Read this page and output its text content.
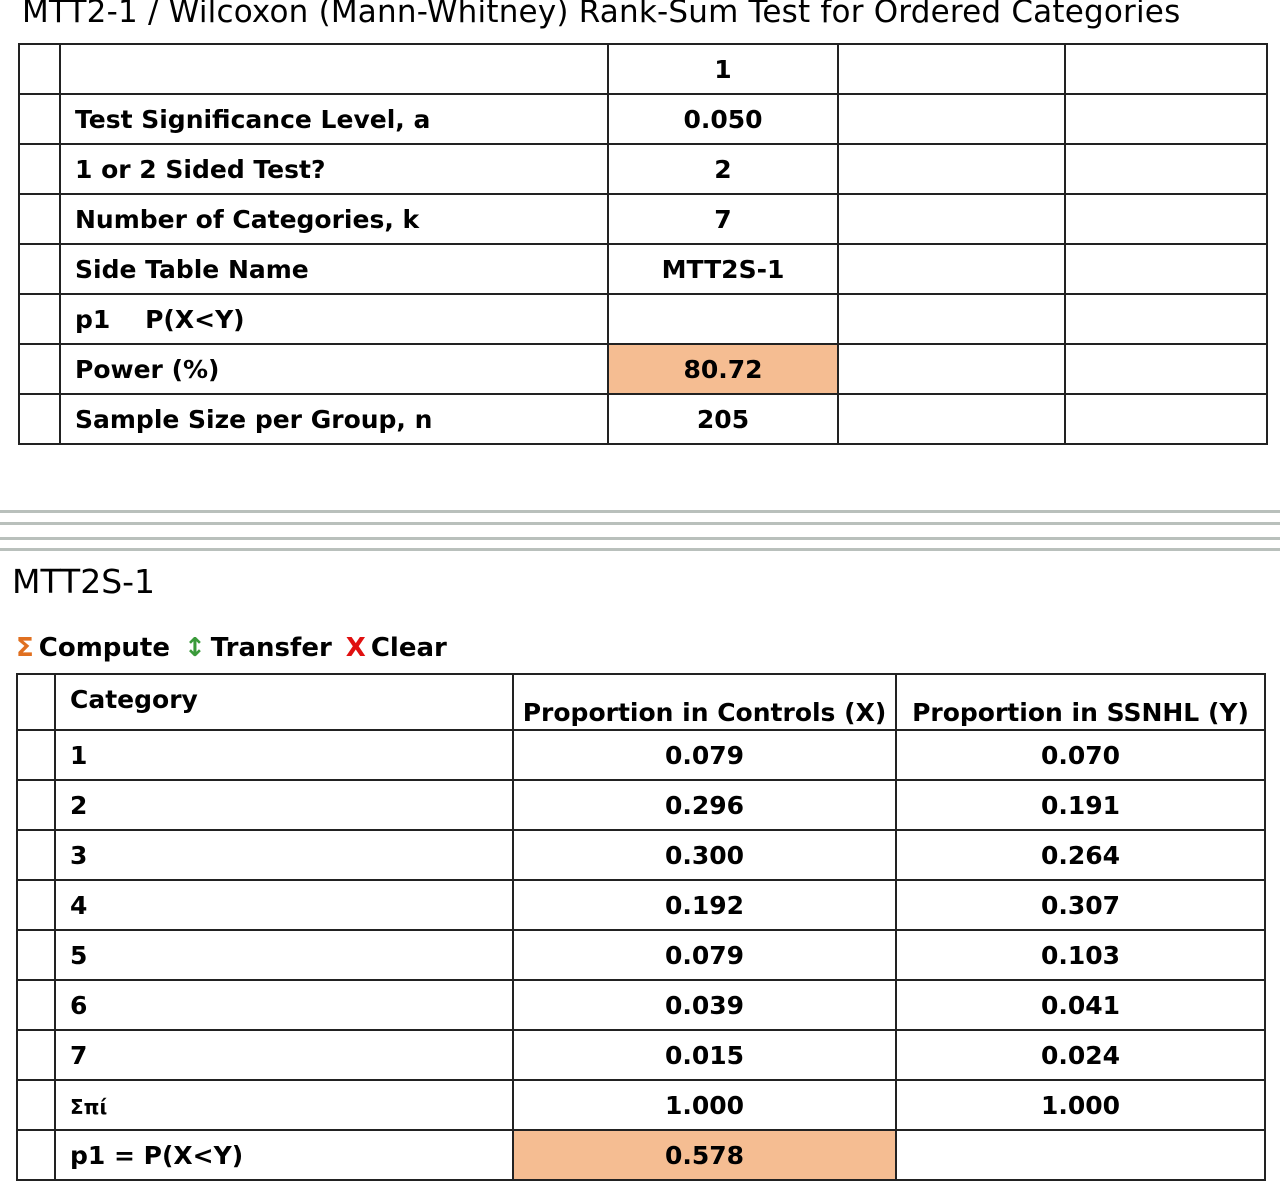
MTT2-1 / Wilcoxon (Mann-Whitney) Rank-Sum Test for Ordered Categories
		1		
	Test Significance Level, a	0.050		
	1 or 2 Sided Test?	2		
	Number of Categories, k	7		
	Side Table Name	MTT2S-1		
	p1    P(X<Y)			
	Power (%)	80.72		
	Sample Size per Group, n	205		
MTT2S-1
Σ Compute ↕ Transfer X Clear
	Category	Proportion in Controls (X)	Proportion in SSNHL (Y)
	1	0.079	0.070
	2	0.296	0.191
	3	0.300	0.264
	4	0.192	0.307
	5	0.079	0.103
	6	0.039	0.041
	7	0.015	0.024
	Σπί	1.000	1.000
	p1 = P(X<Y)	0.578	
